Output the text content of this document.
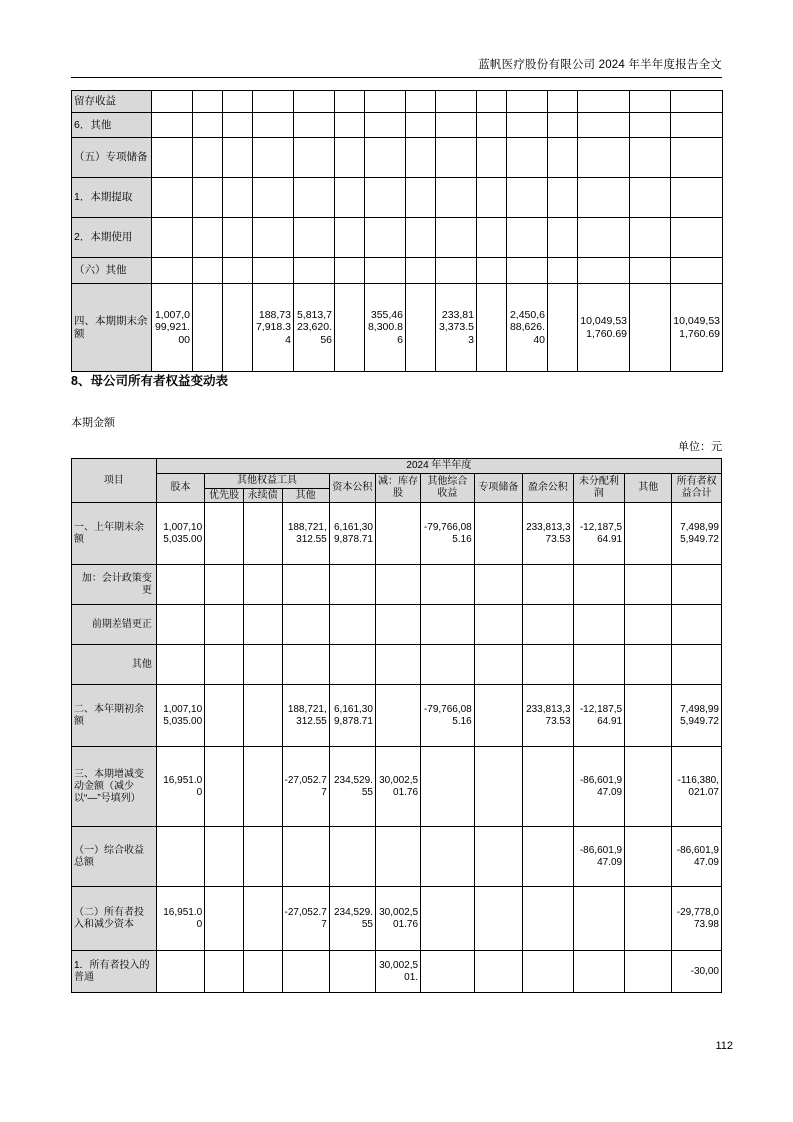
蓝帆医疗股份有限公司 2024 年半年度报告全文
留存收益															
6．其他															
（五）专项储备															
1．本期提取															
2．本期使用															
（六）其他															
四、本期期末余额	1,007,099,921.00			188,737,918.34	5,813,723,620.56		355,468,300.86		233,813,373.53		2,450,688,626.40		10,049,531,760.69		10,049,531,760.69
8、母公司所有者权益变动表
本期金额
单位：元
项目	2024 年半年度											
	股本	其他权益工具			资本公积	减：库存股	其他综合收益	专项储备	盈余公积	未分配利润	其他	所有者权益合计
		优先股	永续债	其他								
一、上年期末余额	1,007,105,035.00			188,721,312.55	6,161,309,878.71		-79,766,085.16		233,813,373.53	-12,187,564.91		7,498,995,949.72
加：会计政策变更												
前期差错更正												
其他												
二、本年期初余额	1,007,105,035.00			188,721,312.55	6,161,309,878.71		-79,766,085.16		233,813,373.53	-12,187,564.91		7,498,995,949.72
三、本期增减变动金额（减少以“—”号填列）	16,951.00			-27,052.77	234,529.55	30,002,501.76				-86,601,947.09		-116,380,021.07
（一）综合收益总额										-86,601,947.09		-86,601,947.09
（二）所有者投入和减少资本	16,951.00			-27,052.77	234,529.55	30,002,501.76						-29,778,073.98
1．所有者投入的普通						30,002,501.						-30,00
112
